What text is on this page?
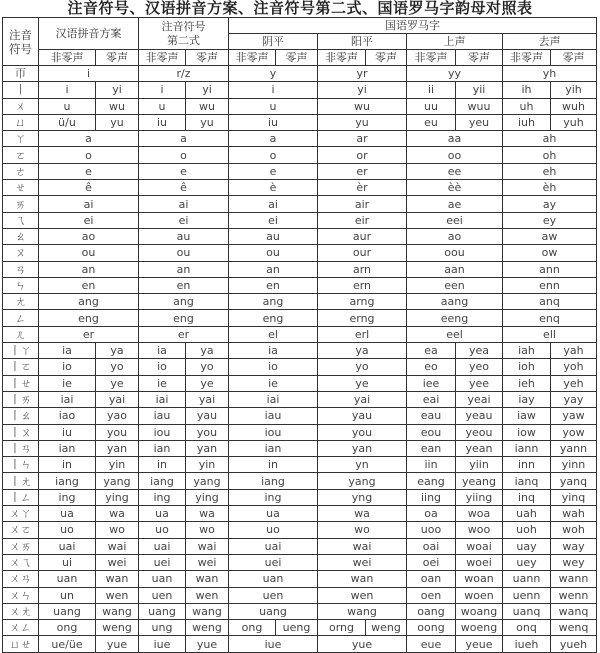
注音符号、汉语拼音方案、注音符号第二式、国语罗马字韵母对照表
注音
符号	汉语拼音方案		注音符号
第二式		国语罗马字							
					阴平		阳平		上声		去声	
	非零声	零声	非零声	零声	非零声	零声	非零声	零声	非零声	零声	非零声	零声
帀	i		r/z		y		yr		yy		yh	
丨	i	yi	i	yi	i		yi		ii	yii	ih	yih
ㄨ	u	wu	u	wu	u		wu		uu	wuu	uh	wuh
ㄩ	ü/u	yu	iu	yu	iu		yu		eu	yeu	iuh	yuh
ㄚ	a		a		a		ar		aa		ah	
ㄛ	o		o		o		or		oo		oh	
ㄜ	e		e		e		er		ee		eh	
ㄝ	ê		ê		è		èr		èè		èh	
ㄞ	ai		ai		ai		air		ae		ay	
ㄟ	ei		ei		ei		eir		eei		ey	
ㄠ	ao		au		au		aur		ao		aw	
ㄡ	ou		ou		ou		our		oou		ow	
ㄢ	an		an		an		arn		aan		ann	
ㄣ	en		en		en		ern		een		enn	
ㄤ	ang		ang		ang		arng		aang		anq	
ㄥ	eng		eng		eng		erng		eeng		enq	
ㄦ	er		er		el		erl		eel		ell	
丨ㄚ	ia	ya	ia	ya	ia		ya		ea	yea	iah	yah
丨ㄛ	io	yo	io	yo	io		yo		eo	yeo	ioh	yoh
丨ㄝ	ie	ye	ie	ye	ie		ye		iee	yee	ieh	yeh
丨ㄞ	iai	yai	iai	yai	iai		yai		eai	yeai	iay	yay
丨ㄠ	iao	yao	iau	yau	iau		yau		eau	yeau	iaw	yaw
丨ㄡ	iu	you	iou	you	iou		you		eou	yeou	iow	yow
丨ㄢ	ian	yan	ian	yan	ian		yan		ean	yean	iann	yann
丨ㄣ	in	yin	in	yin	in		yn		iin	yiin	inn	yinn
丨ㄤ	iang	yang	iang	yang	iang		yang		eang	yeang	ianq	yanq
丨ㄥ	ing	ying	ing	ying	ing		yng		iing	yiing	inq	yinq
ㄨㄚ	ua	wa	ua	wa	ua		wa		oa	woa	uah	wah
ㄨㄛ	uo	wo	uo	wo	uo		wo		uoo	woo	uoh	woh
ㄨㄞ	uai	wai	uai	wai	uai		wai		oai	woai	uay	way
ㄨㄟ	ui	wei	uei	wei	uei		wei		oei	woei	uey	wey
ㄨㄢ	uan	wan	uan	wan	uan		wan		oan	woan	uann	wann
ㄨㄣ	un	wen	uen	wen	uen		wen		oen	woen	uenn	wenn
ㄨㄤ	uang	wang	uang	wang	uang		wang		oang	woang	uanq	wanq
ㄨㄥ	ong	weng	ung	weng	ong	ueng	orng	weng	oong	woeng	onq	wenq
ㄩㄝ	ue/üe	yue	iue	yue	iue		yue		eue	yeue	iueh	yueh
